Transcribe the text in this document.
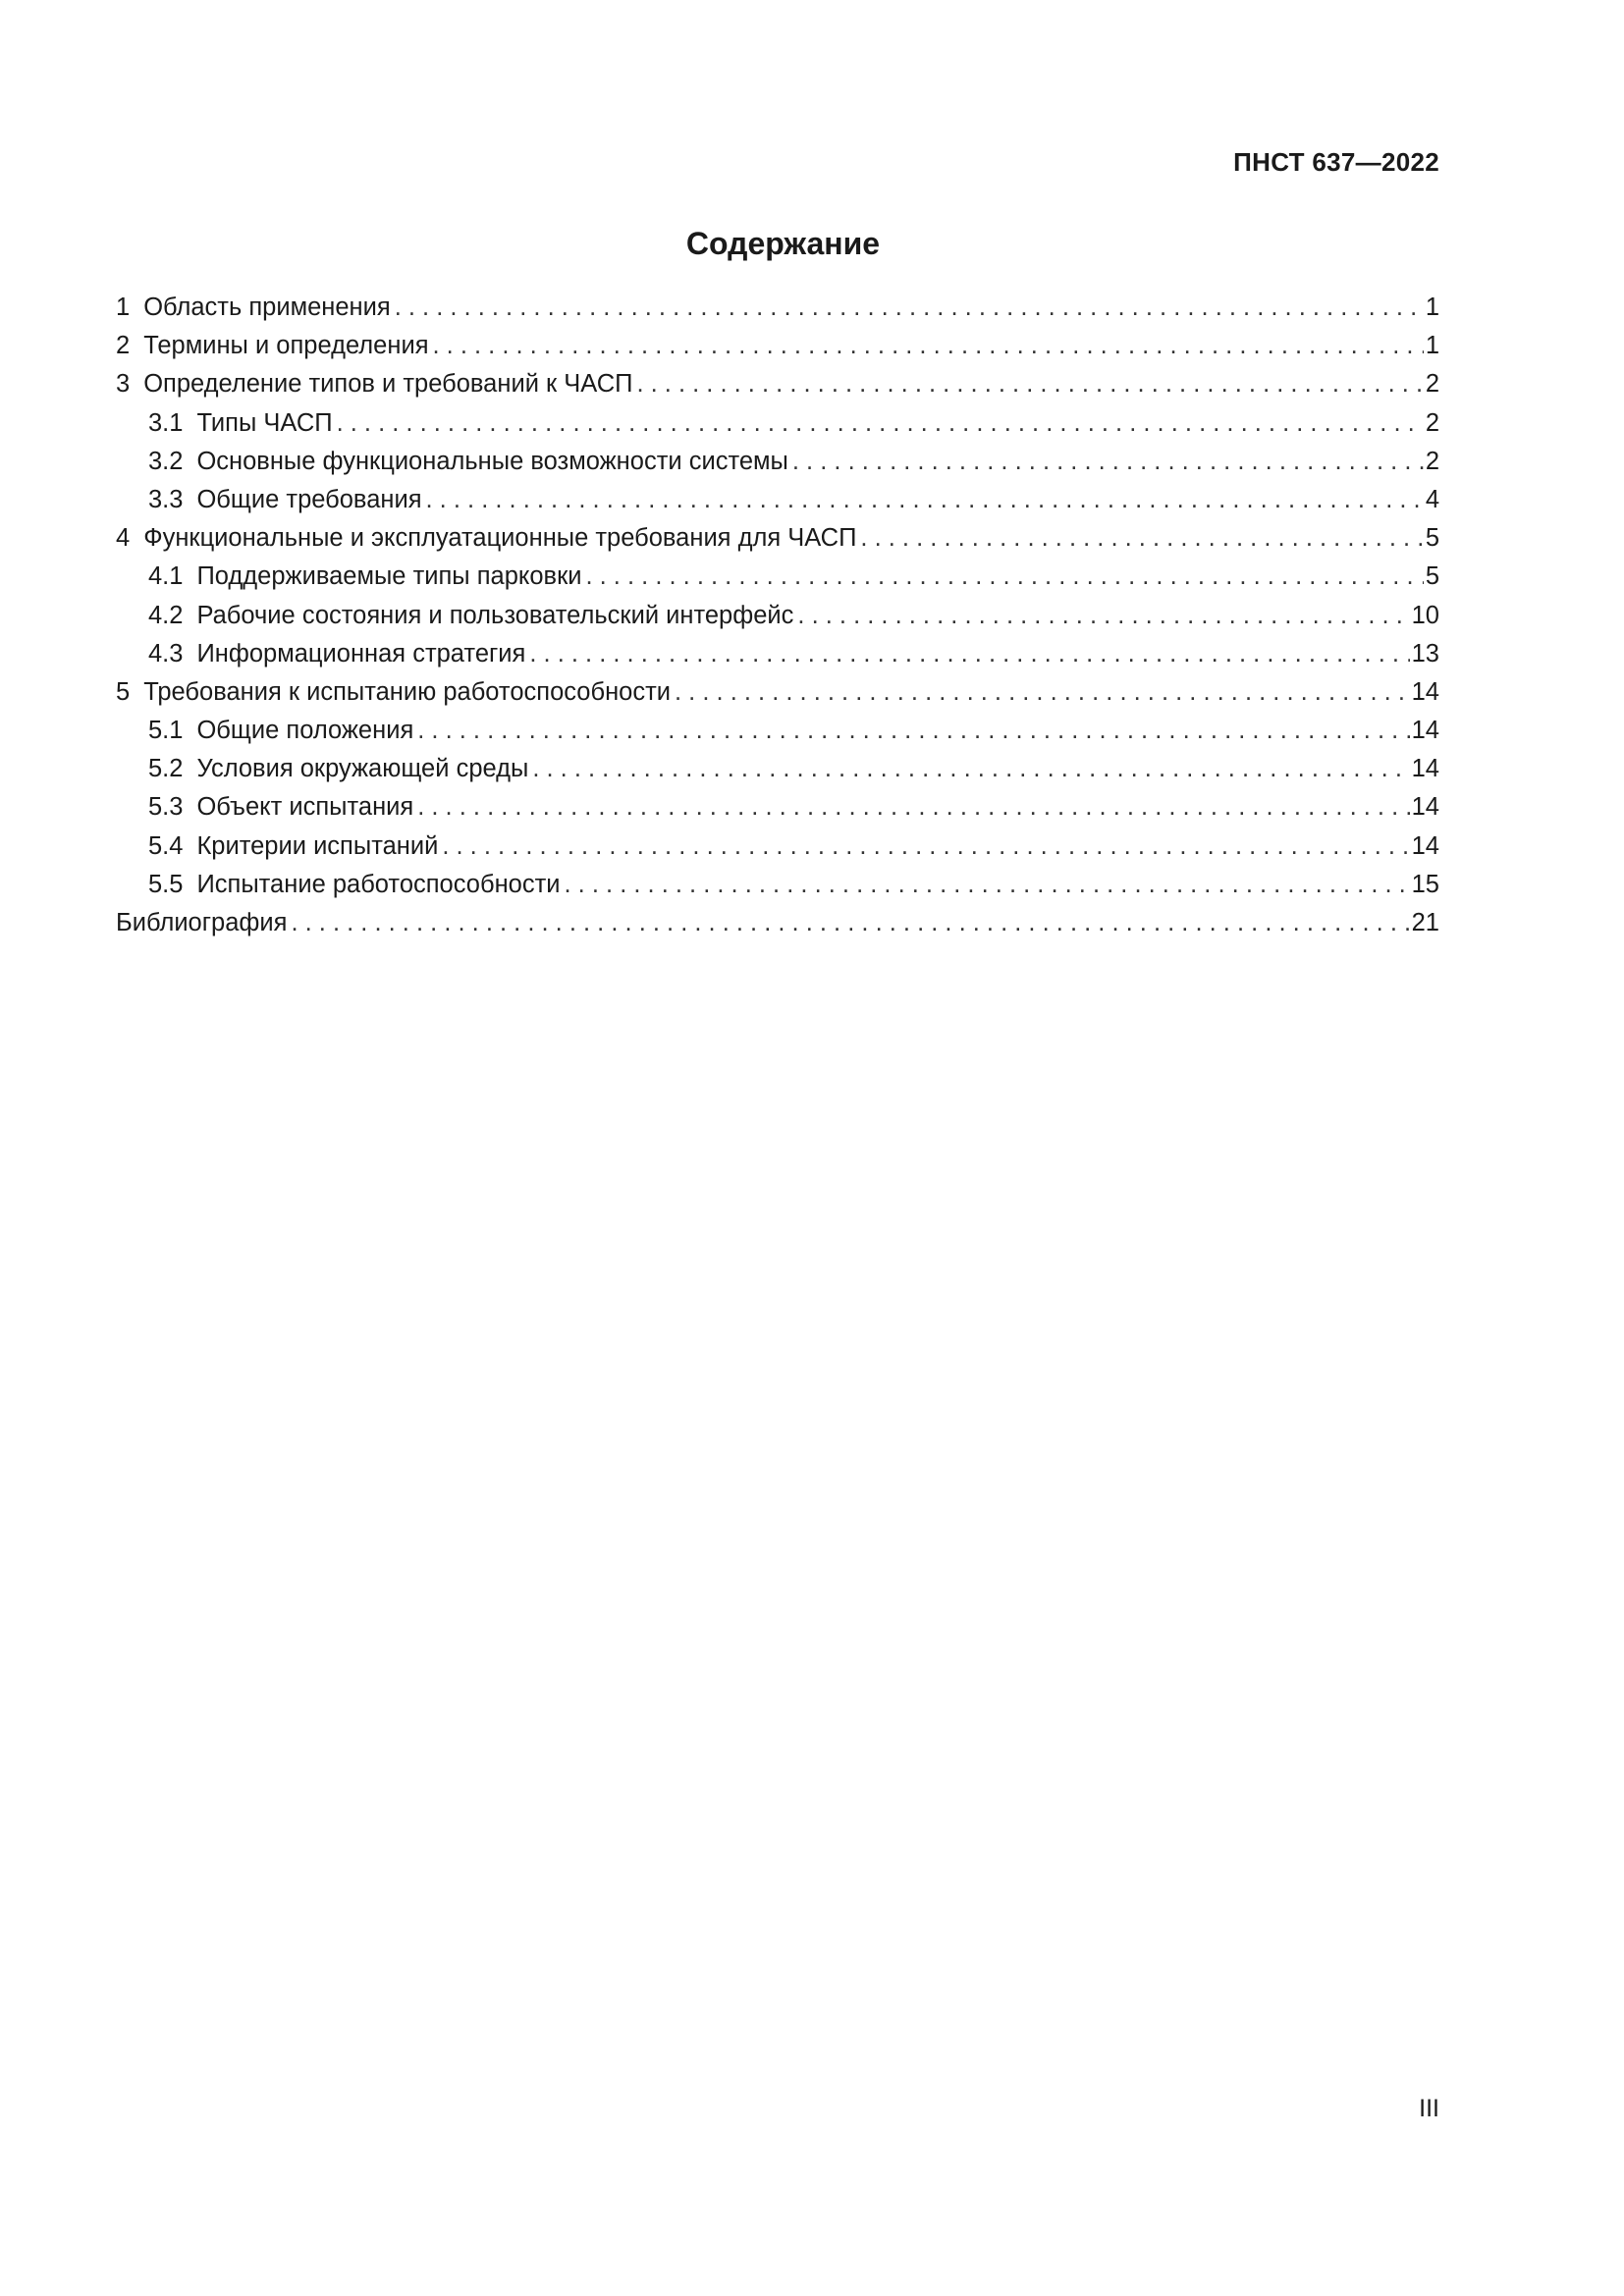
ПНСТ 637—2022
Содержание
1 Область применения . . .	1
2 Термины и определения . . .	1
3 Определение типов и требований к ЧАСП . . .	2
3.1 Типы ЧАСП . . .	2
3.2 Основные функциональные возможности системы . . .	2
3.3 Общие требования . . .	4
4 Функциональные и эксплуатационные требования для ЧАСП . . .	5
4.1 Поддерживаемые типы парковки . . .	5
4.2 Рабочие состояния и пользовательский интерфейс . . .	10
4.3 Информационная стратегия . . .	13
5 Требования к испытанию работоспособности . . .	14
5.1 Общие положения . . .	14
5.2 Условия окружающей среды . . .	14
5.3 Объект испытания . . .	14
5.4 Критерии испытаний . . .	14
5.5 Испытание работоспособности . . .	15
Библиография . . .	21
III
